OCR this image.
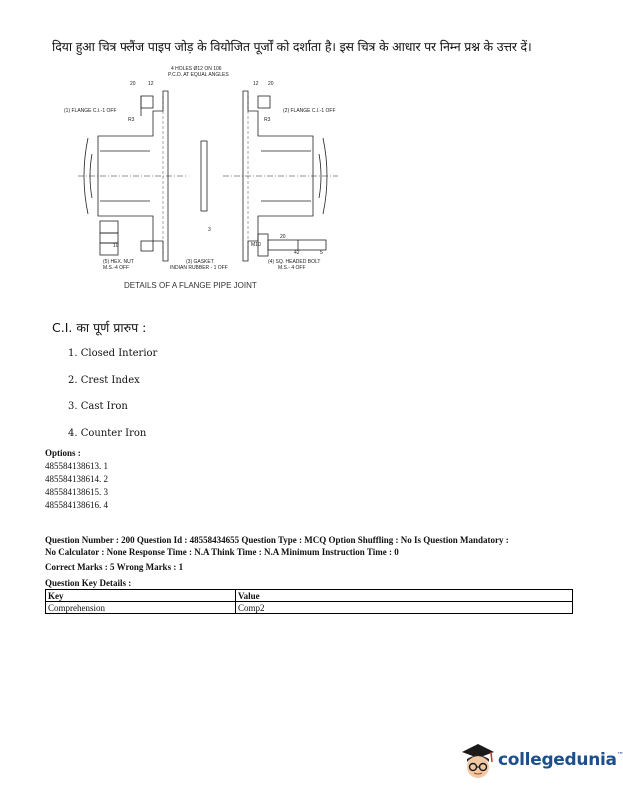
दिया हुआ चित्र फ्लैंज पाइप जोड़ के वियोजित पूर्जों को दर्शाता है। इस चित्र के आधार पर निम्न प्रश्न के उत्तर दें।
4 HOLES Ø12 ON 106
P.C.D. AT EQUAL ANGLES
20 12	12 20
R3	R3
10
3
20
42	5
M10
(1) FLANGE C.I.-1 OFF	(2) FLANGE C.I.-1 OFF
(5) HEX. NUT
M.S.-4 OFF
(3) GASKET
INDIAN RUBBER - 1 OFF
(4) SQ. HEADED BOLT
M.S.- 4 OFF
DETAILS OF A FLANGE PIPE JOINT
C.I. का पूर्ण प्रारुप :
1. Closed Interior
2. Crest Index
3. Cast Iron
4. Counter Iron
Options :
485584138613. 1
485584138614. 2
485584138615. 3
485584138616. 4

Question Number : 200 Question Id : 48558434655 Question Type : MCQ Option Shuffling : No Is Question Mandatory :

No Calculator : None Response Time : N.A Think Time : N.A Minimum Instruction Time : 0

Correct Marks : 5 Wrong Marks : 1

Question Key Details :

Key	Value
Comprehension	Comp2
collegedunia™
